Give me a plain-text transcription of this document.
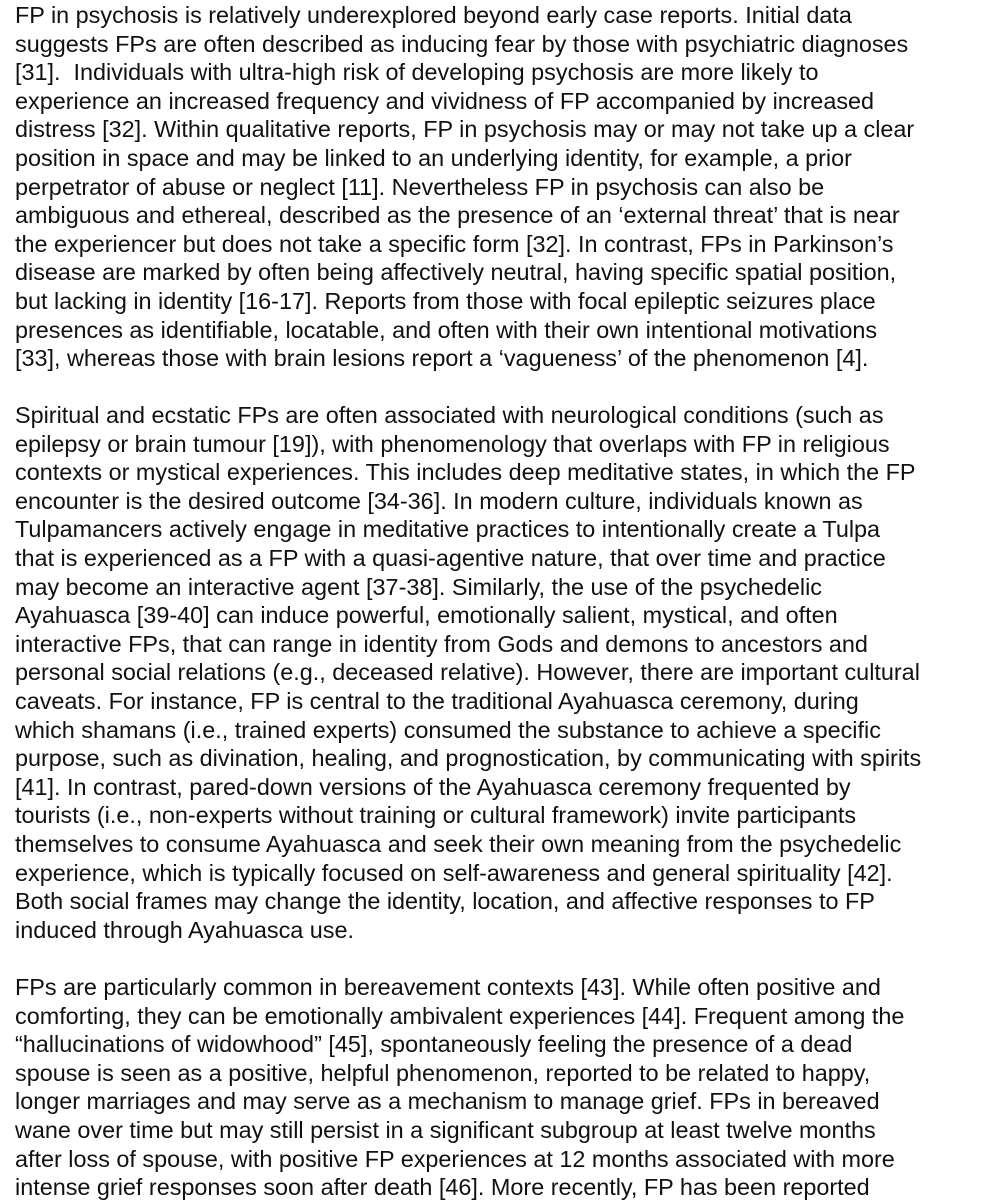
FP in psychosis is relatively underexplored beyond early case reports. Initial data
suggests FPs are often described as inducing fear by those with psychiatric diagnoses
[31].  Individuals with ultra-high risk of developing psychosis are more likely to
experience an increased frequency and vividness of FP accompanied by increased
distress [32]. Within qualitative reports, FP in psychosis may or may not take up a clear
position in space and may be linked to an underlying identity, for example, a prior
perpetrator of abuse or neglect [11]. Nevertheless FP in psychosis can also be
ambiguous and ethereal, described as the presence of an ‘external threat’ that is near
the experiencer but does not take a specific form [32]. In contrast, FPs in Parkinson’s
disease are marked by often being affectively neutral, having specific spatial position,
but lacking in identity [16-17]. Reports from those with focal epileptic seizures place
presences as identifiable, locatable, and often with their own intentional motivations
[33], whereas those with brain lesions report a ‘vagueness’ of the phenomenon [4].
Spiritual and ecstatic FPs are often associated with neurological conditions (such as
epilepsy or brain tumour [19]), with phenomenology that overlaps with FP in religious
contexts or mystical experiences. This includes deep meditative states, in which the FP
encounter is the desired outcome [34-36]. In modern culture, individuals known as
Tulpamancers actively engage in meditative practices to intentionally create a Tulpa
that is experienced as a FP with a quasi-agentive nature, that over time and practice
may become an interactive agent [37-38]. Similarly, the use of the psychedelic
Ayahuasca [39-40] can induce powerful, emotionally salient, mystical, and often
interactive FPs, that can range in identity from Gods and demons to ancestors and
personal social relations (e.g., deceased relative). However, there are important cultural
caveats. For instance, FP is central to the traditional Ayahuasca ceremony, during
which shamans (i.e., trained experts) consumed the substance to achieve a specific
purpose, such as divination, healing, and prognostication, by communicating with spirits
[41]. In contrast, pared-down versions of the Ayahuasca ceremony frequented by
tourists (i.e., non-experts without training or cultural framework) invite participants
themselves to consume Ayahuasca and seek their own meaning from the psychedelic
experience, which is typically focused on self-awareness and general spirituality [42].
Both social frames may change the identity, location, and affective responses to FP
induced through Ayahuasca use.
FPs are particularly common in bereavement contexts [43]. While often positive and
comforting, they can be emotionally ambivalent experiences [44]. Frequent among the
“hallucinations of widowhood” [45], spontaneously feeling the presence of a dead
spouse is seen as a positive, helpful phenomenon, reported to be related to happy,
longer marriages and may serve as a mechanism to manage grief. FPs in bereaved
wane over time but may still persist in a significant subgroup at least twelve months
after loss of spouse, with positive FP experiences at 12 months associated with more
intense grief responses soon after death [46]. More recently, FP has been reported
